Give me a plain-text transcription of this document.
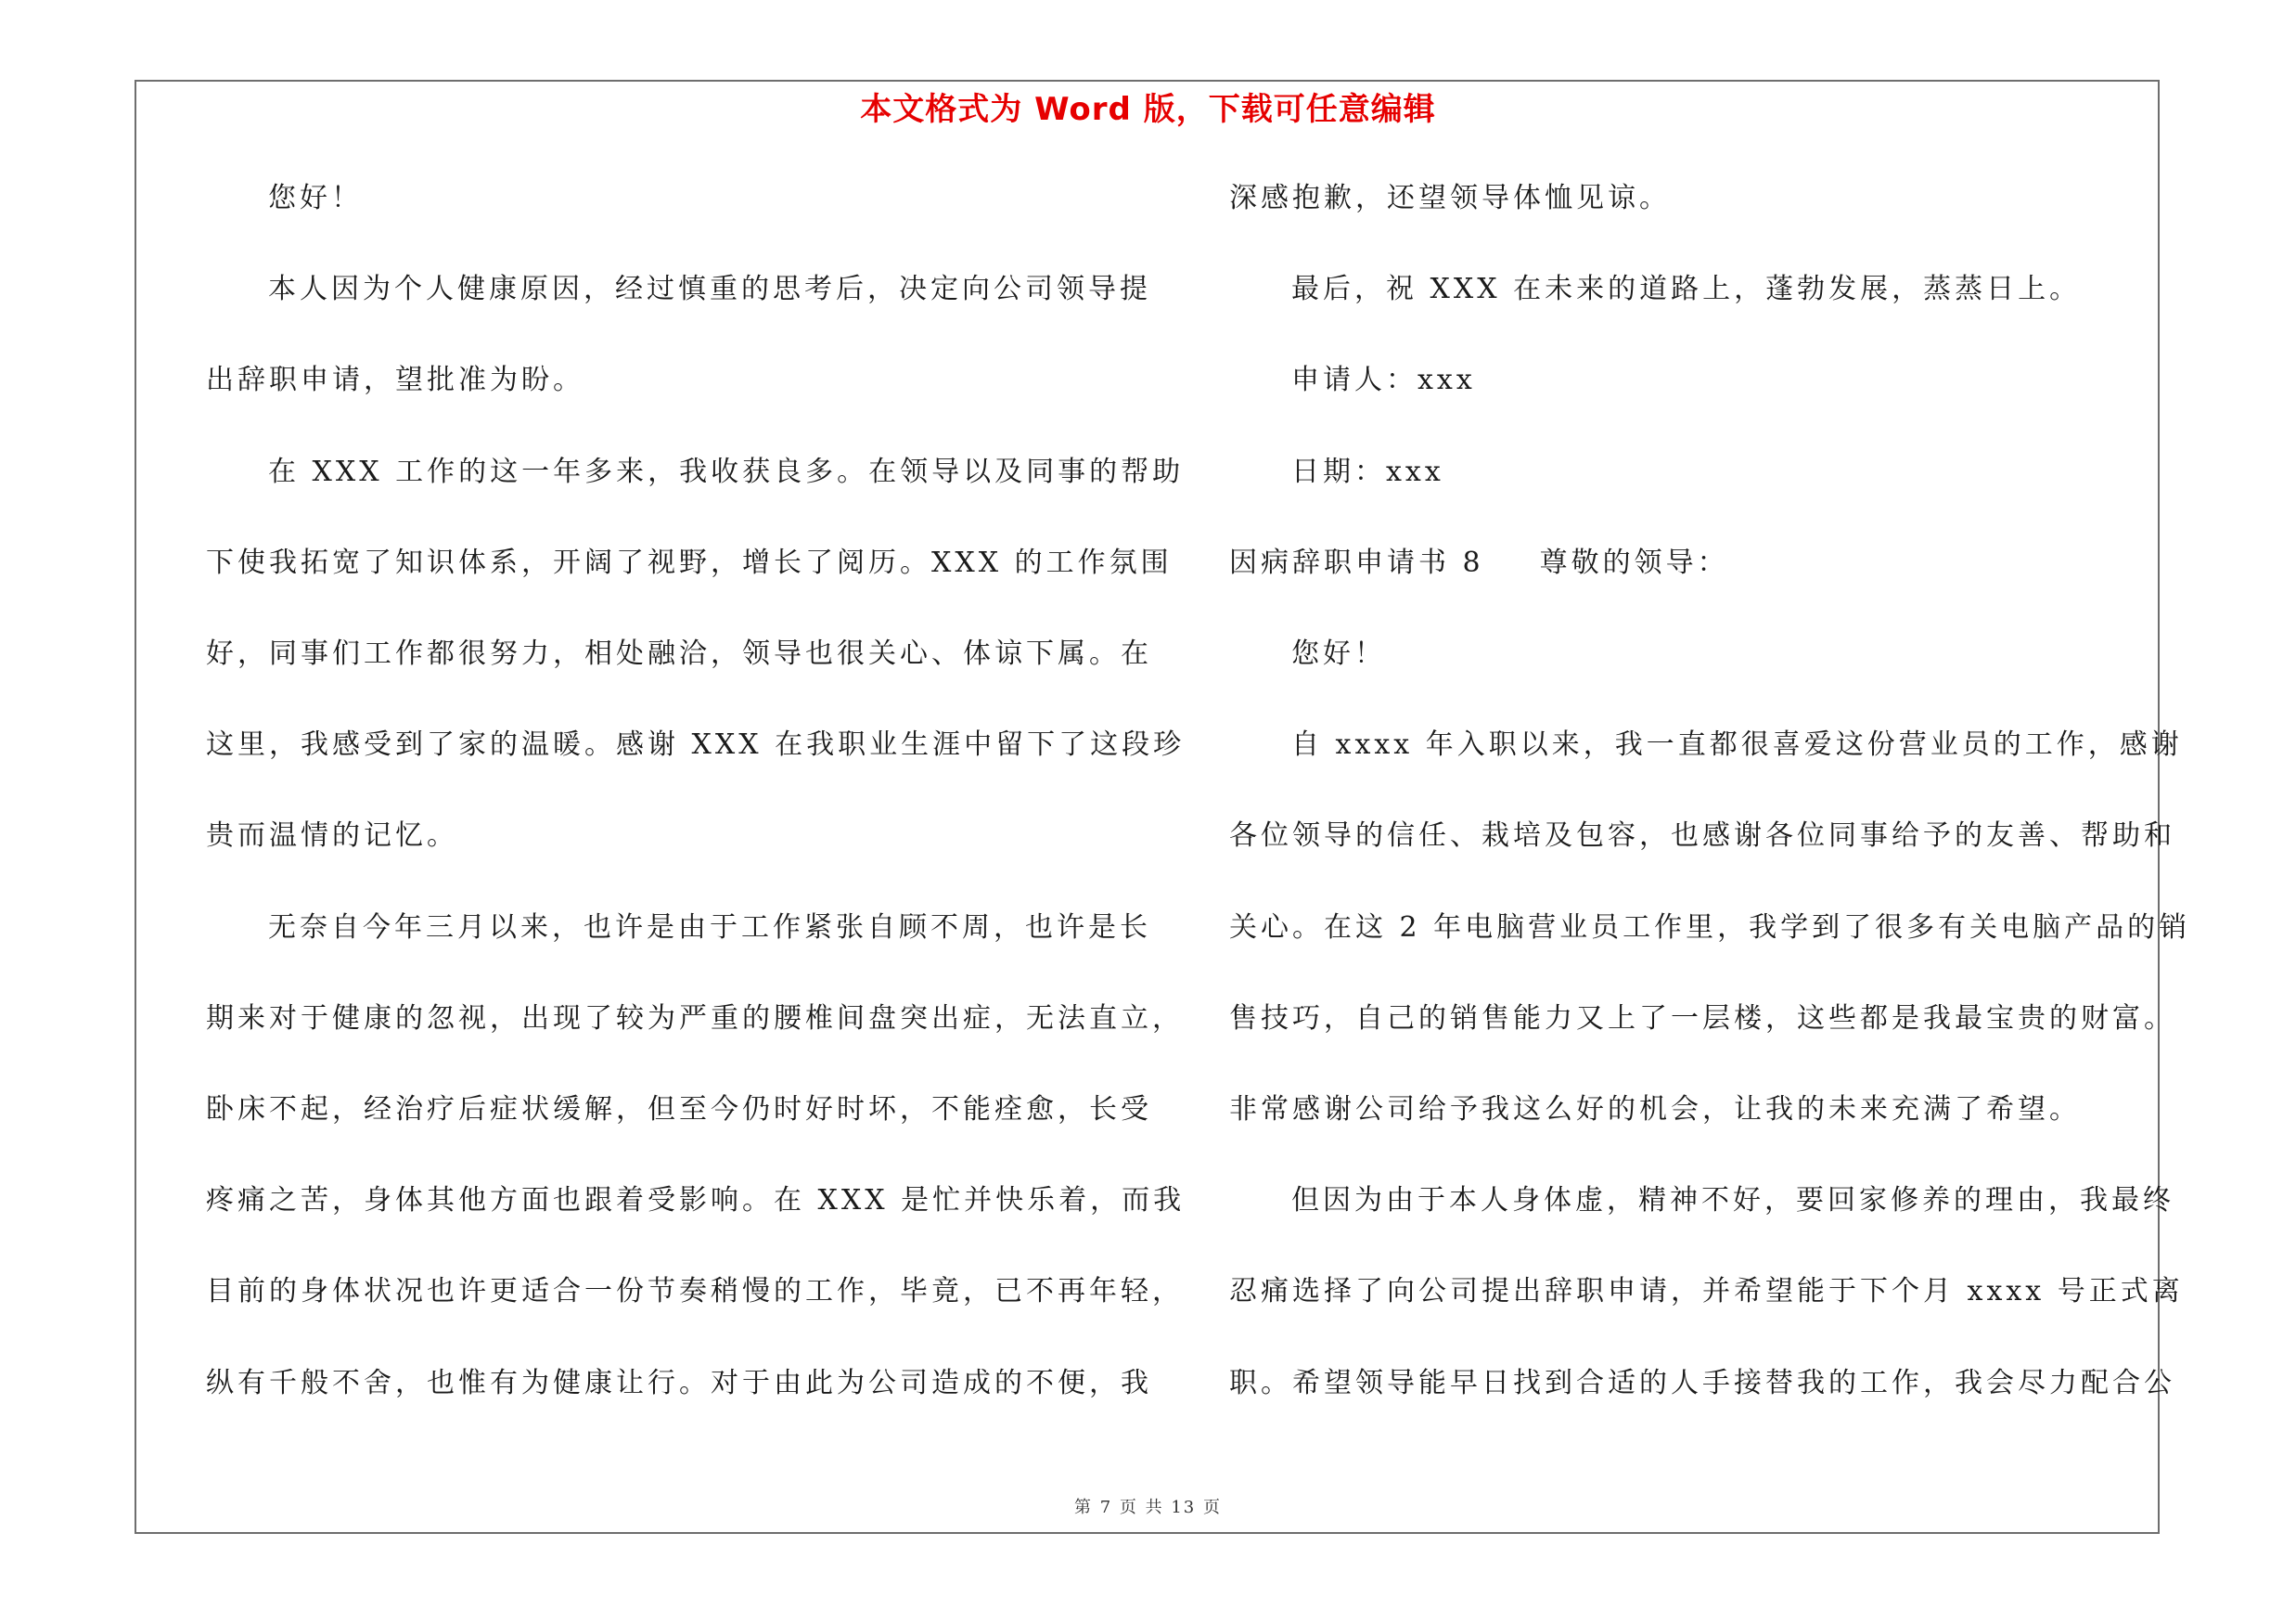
本文格式为 Word 版，下载可任意编辑
您好！
本人因为个人健康原因，经过慎重的思考后，决定向公司领导提
出辞职申请，望批准为盼。
在 XXX 工作的这一年多来，我收获良多。在领导以及同事的帮助
下使我拓宽了知识体系，开阔了视野，增长了阅历。XXX 的工作氛围
好，同事们工作都很努力，相处融洽，领导也很关心、体谅下属。在
这里，我感受到了家的温暖。感谢 XXX 在我职业生涯中留下了这段珍
贵而温情的记忆。
无奈自今年三月以来，也许是由于工作紧张自顾不周，也许是长
期来对于健康的忽视，出现了较为严重的腰椎间盘突出症，无法直立，
卧床不起，经治疗后症状缓解，但至今仍时好时坏，不能痊愈，长受
疼痛之苦，身体其他方面也跟着受影响。在 XXX 是忙并快乐着，而我
目前的身体状况也许更适合一份节奏稍慢的工作，毕竟，已不再年轻，
纵有千般不舍，也惟有为健康让行。对于由此为公司造成的不便，我
深感抱歉，还望领导体恤见谅。
最后，祝 XXX 在未来的道路上，蓬勃发展，蒸蒸日上。
申请人：xxx
日期：xxx
因病辞职申请书 8 尊敬的领导：
您好！
自 xxxx 年入职以来，我一直都很喜爱这份营业员的工作，感谢
各位领导的信任、栽培及包容，也感谢各位同事给予的友善、帮助和
关心。在这 2 年电脑营业员工作里，我学到了很多有关电脑产品的销
售技巧，自己的销售能力又上了一层楼，这些都是我最宝贵的财富。
非常感谢公司给予我这么好的机会，让我的未来充满了希望。
但因为由于本人身体虚，精神不好，要回家修养的理由，我最终
忍痛选择了向公司提出辞职申请，并希望能于下个月 xxxx 号正式离
职。希望领导能早日找到合适的人手接替我的工作，我会尽力配合公
第 7 页 共 13 页
